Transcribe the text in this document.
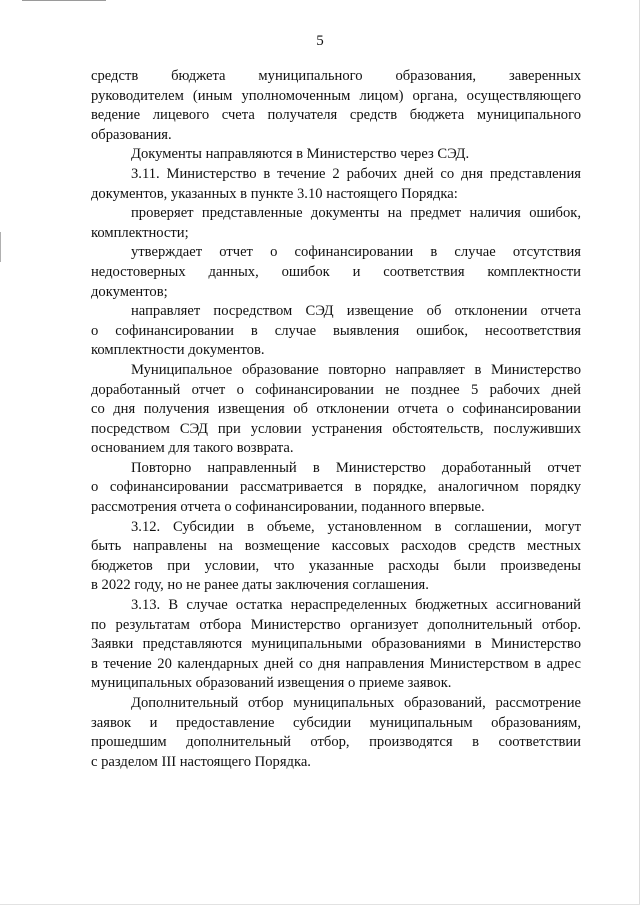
5
средств бюджета муниципального образования, заверенных
руководителем (иным уполномоченным лицом) органа, осуществляющего
ведение лицевого счета получателя средств бюджета муниципального
образования.
Документы направляются в Министерство через СЭД.
3.11. Министерство в течение 2 рабочих дней со дня представления
документов, указанных в пункте 3.10 настоящего Порядка:
проверяет представленные документы на предмет наличия ошибок,
комплектности;
утверждает отчет о софинансировании в случае отсутствия
недостоверных данных, ошибок и соответствия комплектности
документов;
направляет посредством СЭД извещение об отклонении отчета
о софинансировании в случае выявления ошибок, несоответствия
комплектности документов.
Муниципальное образование повторно направляет в Министерство
доработанный отчет о софинансировании не позднее 5 рабочих дней
со дня получения извещения об отклонении отчета о софинансировании
посредством СЭД при условии устранения обстоятельств, послуживших
основанием для такого возврата.
Повторно направленный в Министерство доработанный отчет
о софинансировании рассматривается в порядке, аналогичном порядку
рассмотрения отчета о софинансировании, поданного впервые.
3.12. Субсидии в объеме, установленном в соглашении, могут
быть направлены на возмещение кассовых расходов средств местных
бюджетов при условии, что указанные расходы были произведены
в 2022 году, но не ранее даты заключения соглашения.
3.13. В случае остатка нераспределенных бюджетных ассигнований
по результатам отбора Министерство организует дополнительный отбор.
Заявки представляются муниципальными образованиями в Министерство
в течение 20 календарных дней со дня направления Министерством в адрес
муниципальных образований извещения о приеме заявок.
Дополнительный отбор муниципальных образований, рассмотрение
заявок и предоставление субсидии муниципальным образованиям,
прошедшим дополнительный отбор, производятся в соответствии
с разделом III настоящего Порядка.
